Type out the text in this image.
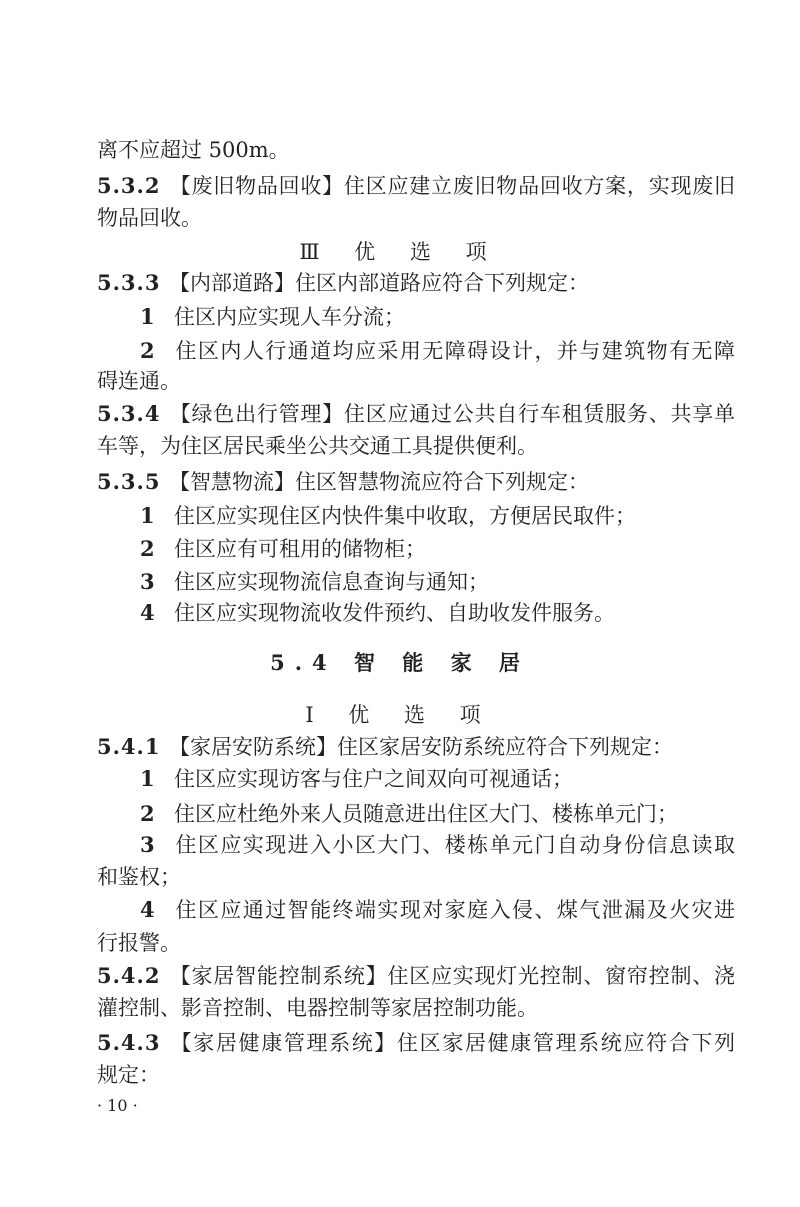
离不应超过 500m。
5.3.2 【废旧物品回收】住区应建立废旧物品回收方案，实现废旧
物品回收。
Ⅲ 优 选 项
5.3.3 【内部道路】住区内部道路应符合下列规定：
1 住区内应实现人车分流；
2 住区内人行通道均应采用无障碍设计，并与建筑物有无障
碍连通。
5.3.4 【绿色出行管理】住区应通过公共自行车租赁服务、共享单
车等，为住区居民乘坐公共交通工具提供便利。
5.3.5 【智慧物流】住区智慧物流应符合下列规定：
1 住区应实现住区内快件集中收取，方便居民取件；
2 住区应有可租用的储物柜；
3 住区应实现物流信息查询与通知；
4 住区应实现物流收发件预约、自助收发件服务。
5.4 智 能 家 居
Ⅰ 优 选 项
5.4.1 【家居安防系统】住区家居安防系统应符合下列规定：
1 住区应实现访客与住户之间双向可视通话；
2 住区应杜绝外来人员随意进出住区大门、楼栋单元门；
3 住区应实现进入小区大门、楼栋单元门自动身份信息读取
和鉴权；
4 住区应通过智能终端实现对家庭入侵、煤气泄漏及火灾进
行报警。
5.4.2 【家居智能控制系统】住区应实现灯光控制、窗帘控制、浇
灌控制、影音控制、电器控制等家居控制功能。
5.4.3 【家居健康管理系统】住区家居健康管理系统应符合下列
规定：
· 10 ·
